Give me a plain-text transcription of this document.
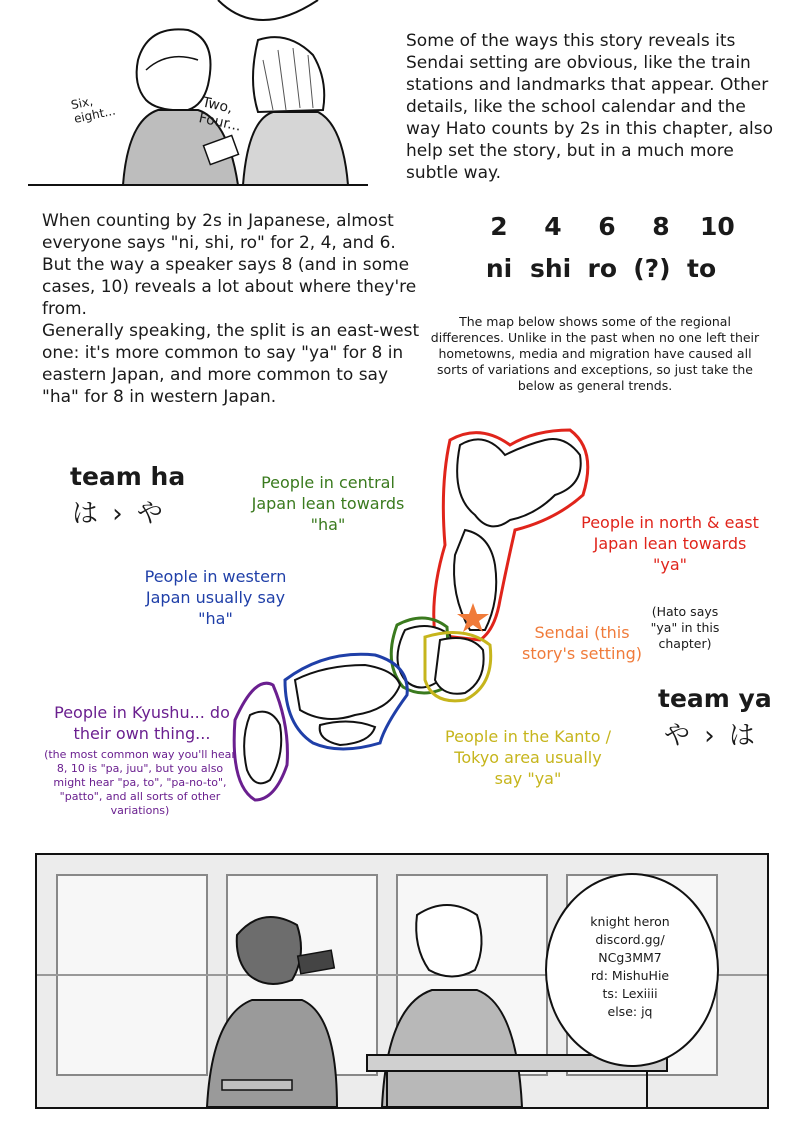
Six, eight...	Two, Four...
Some of the ways this story reveals its Sendai setting are obvious, like the train stations and landmarks that appear. Other details, like the school calendar and the way Hato counts by 2s in this chapter, also help set the story, but in a much more subtle way.
When counting by 2s in Japanese, almost everyone says "ni, shi, ro" for 2, 4, and 6. But the way a speaker says 8 (and in some cases, 10) reveals a lot about where they're from.
Generally speaking, the split is an east-west one: it's more common to say "ya" for 8 in eastern Japan, and more common to say "ha" for 8 in western Japan.
2 4 6 8 10
ni shi ro (?) to
The map below shows some of the regional differences. Unlike in the past when no one left their hometowns, media and migration have caused all sorts of variations and exceptions, so just take the below as general trends.
team ha
は › や
People in central Japan lean towards "ha"	People in north & east Japan lean towards "ya"
People in western Japan usually say "ha"	(Hato says "ya" in this chapter)
Sendai (this story's setting)
team ya
や › は
People in Kyushu... do their own thing...
(the most common way you'll hear 8, 10 is "pa, juu", but you also might hear "pa, to", "pa-no-to", "patto", and all sorts of other variations)
People in the Kanto / Tokyo area usually say "ya"
knight heron
discord.gg/
NCg3MM7
rd: MishuHie
ts: Lexiiii
else: jq
